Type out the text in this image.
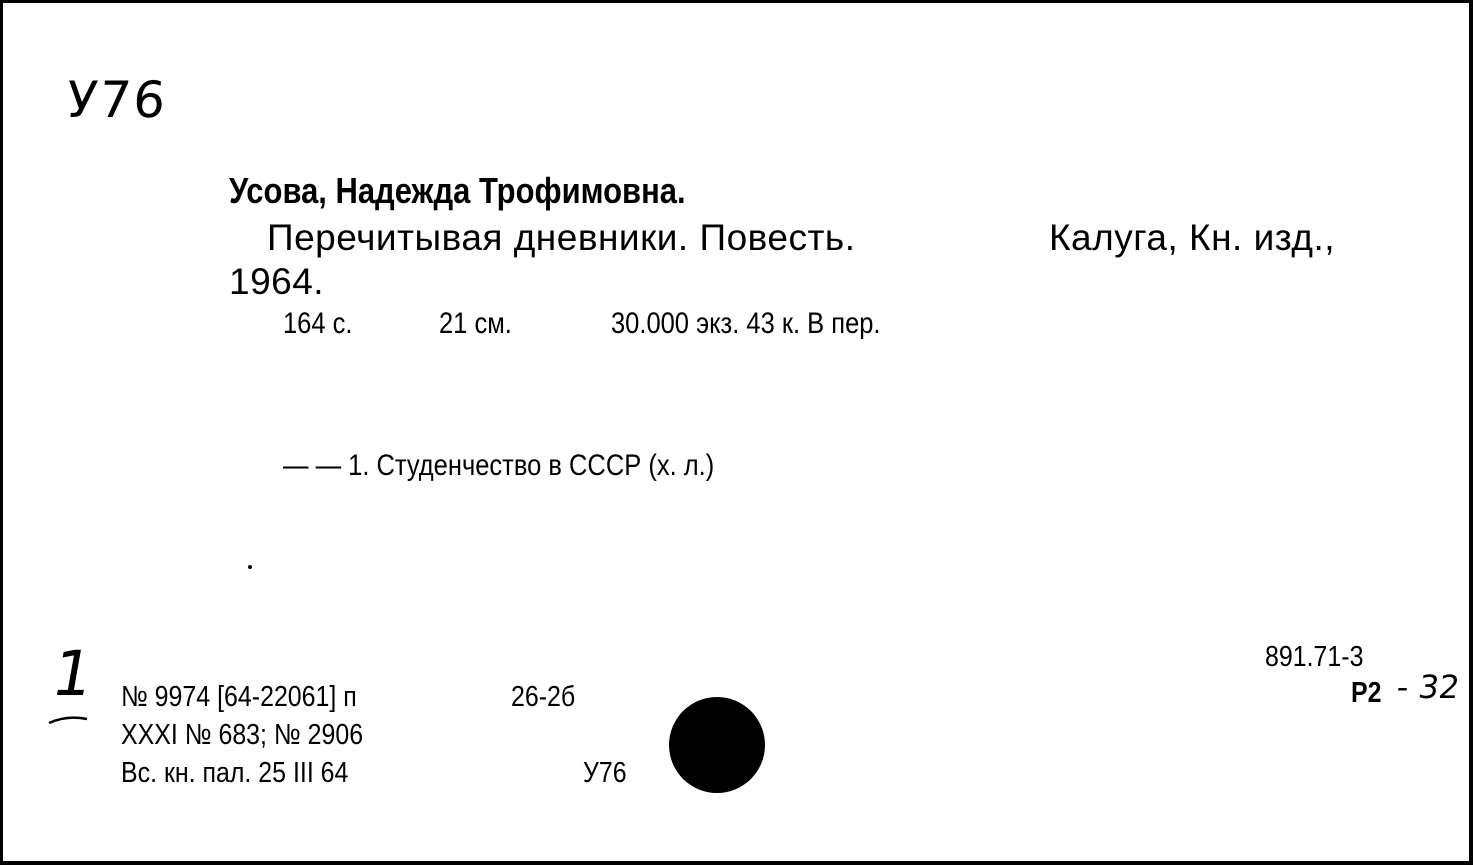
У76
Усова, Надежда Трофимовна.
Перечитывая дневники. Повесть.	Калуга, Кн. изд.,
1964.
164 с.	21 см.	30.000 экз. 43 к. В пер.
— — 1. Студенчество в СССР (х. л.)
№ 9974 [64-22061] п	26-2б
XXXI № 683; № 2906
Вс. кн. пал. 25 III 64	У76
891.71-3
Р2 - 32
1
